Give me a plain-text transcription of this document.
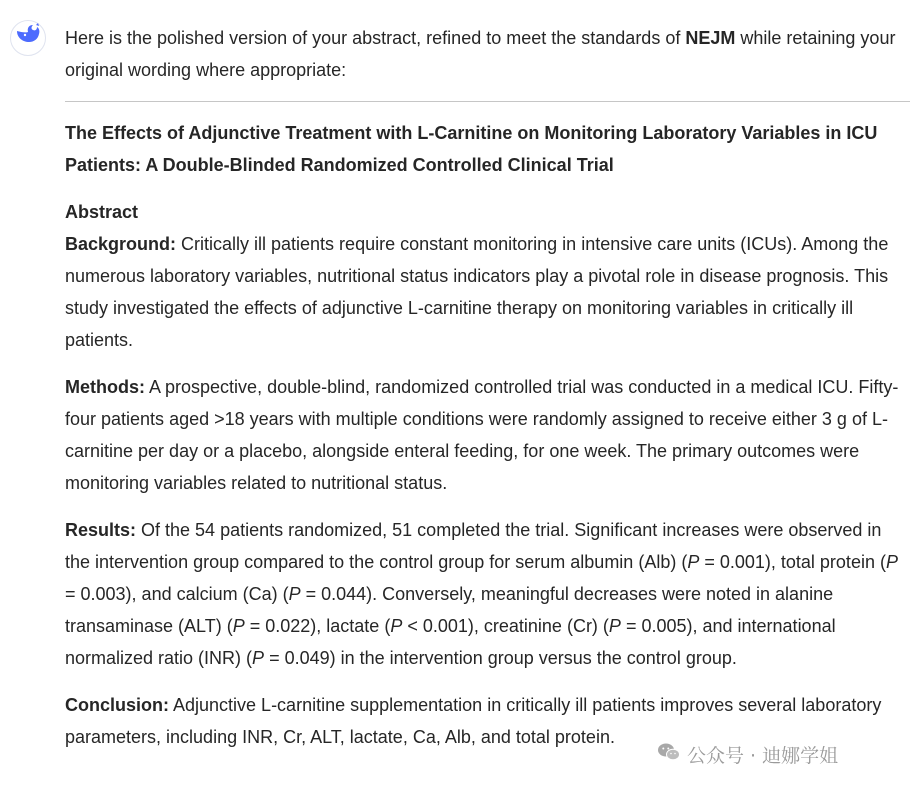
Here is the polished version of your abstract, refined to meet the standards of NEJM while retaining your original wording where appropriate:

The Effects of Adjunctive Treatment with L-Carnitine on Monitoring Laboratory Variables in ICU Patients: A Double-Blinded Randomized Controlled Clinical Trial

Abstract

Background: Critically ill patients require constant monitoring in intensive care units (ICUs). Among the numerous laboratory variables, nutritional status indicators play a pivotal role in disease prognosis. This study investigated the effects of adjunctive L-carnitine therapy on monitoring variables in critically ill patients.

Methods: A prospective, double-blind, randomized controlled trial was conducted in a medical ICU. Fifty-four patients aged >18 years with multiple conditions were randomly assigned to receive either 3 g of L-carnitine per day or a placebo, alongside enteral feeding, for one week. The primary outcomes were monitoring variables related to nutritional status.

Results: Of the 54 patients randomized, 51 completed the trial. Significant increases were observed in the intervention group compared to the control group for serum albumin (Alb) (P = 0.001), total protein (P = 0.003), and calcium (Ca) (P = 0.044). Conversely, meaningful decreases were noted in alanine transaminase (ALT) (P = 0.022), lactate (P < 0.001), creatinine (Cr) (P = 0.005), and international normalized ratio (INR) (P = 0.049) in the intervention group versus the control group.

Conclusion: Adjunctive L-carnitine supplementation in critically ill patients improves several laboratory parameters, including INR, Cr, ALT, lactate, Ca, Alb, and total protein.

公众号 · 迪娜学姐
